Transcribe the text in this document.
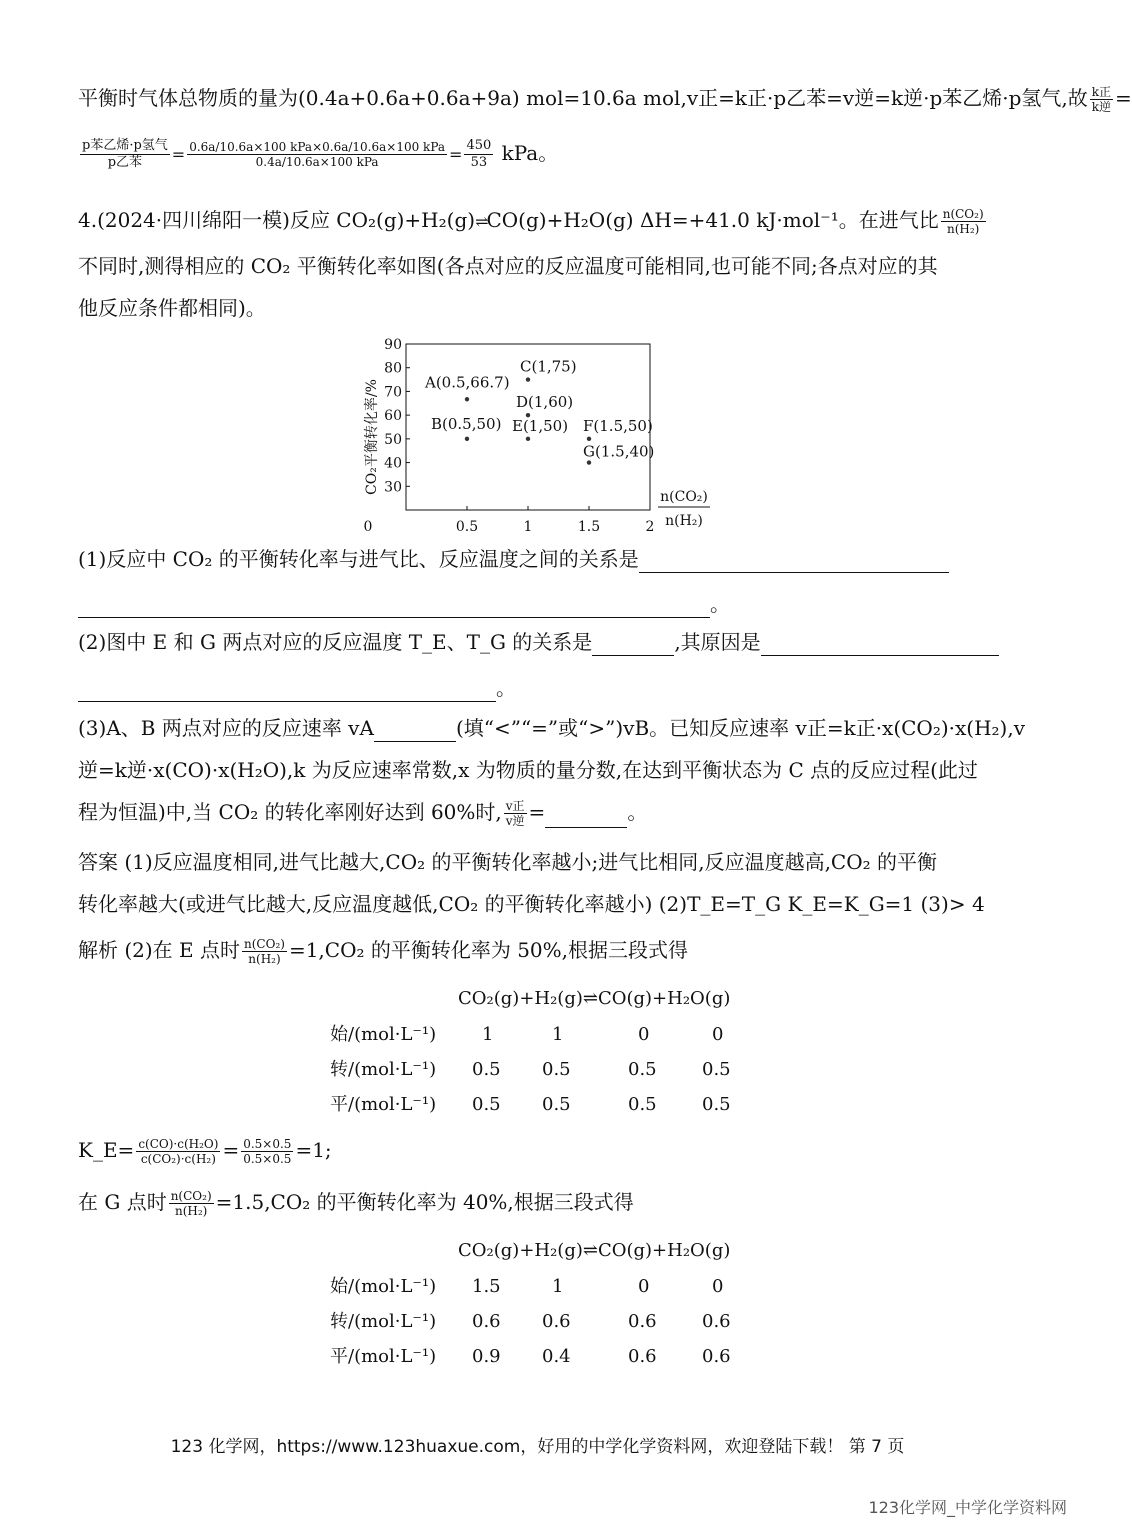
平衡时气体总物质的量为(0.4a+0.6a+0.6a+9a) mol=10.6a mol,v正=k正·p乙苯=v逆=k逆·p苯乙烯·p氢气,故 $\frac{\text{k正}}{\text{k逆}}$ =
$\frac{\text{p苯乙烯·p氢气}}{\text{p乙苯}} = \frac{\text{0.6a/10.6a×100 kPa×0.6a/10.6a×100 kPa}}{\text{0.4a/10.6a×100 kPa}} = \frac{450}{53}$ kPa。
4.(2024·四川绵阳一模)反应 CO₂(g)+H₂(g)⇌CO(g)+H₂O(g) ΔH=+41.0 kJ·mol⁻¹。在进气比 $\frac{\text{n(CO₂)}}{\text{n(H₂)}}$
不同时,测得相应的 CO₂ 平衡转化率如图(各点对应的反应温度可能相同,也可能不同;各点对应的其
他反应条件都相同)。
30
40
50
60
70
80
90
0	0.5	1	1.5	2
CO₂平衡转化率/%
n(CO₂)
n(H₂)
A(0.5,66.7)
B(0.5,50)
C(1,75)
D(1,60)
E(1,50) F(1.5,50)
G(1.5,40)
(1)反应中 CO₂ 的平衡转化率与进气比、反应温度之间的关系是
。
(2)图中 E 和 G 两点对应的反应温度 T_E、T_G 的关系是	,其原因是
。
(3)A、B 两点对应的反应速率 vA	(填“<”“=”或“>”)vB。已知反应速率 v正=k正·x(CO₂)·x(H₂),v
逆=k逆·x(CO)·x(H₂O),k 为反应速率常数,x 为物质的量分数,在达到平衡状态为 C 点的反应过程(此过
程为恒温)中,当 CO₂ 的转化率刚好达到 60%时, $\frac{\text{v正}}{\text{v逆}}$ =	。
答案 (1)反应温度相同,进气比越大,CO₂ 的平衡转化率越小;进气比相同,反应温度越高,CO₂ 的平衡
转化率越大(或进气比越大,反应温度越低,CO₂ 的平衡转化率越小) (2)T_E=T_G K_E=K_G=1 (3)> 4
解析 (2)在 E 点时 $\frac{\text{n(CO₂)}}{\text{n(H₂)}} =1,CO_2$ 的平衡转化率为 50%,根据三段式得
CO₂(g)+H₂(g)⇌CO(g)+H₂O(g)
始/(mol·L⁻¹)	1	1	0	0
转/(mol·L⁻¹) 0.5 0.5	0.5	0.5
平/(mol·L⁻¹) 0.5 0.5	0.5	0.5
K_E= $\frac{\text{c(CO)·c(H₂O)}}{\text{c(CO₂)·c(H₂)}} = \frac{0.5\times 0.5}{0.5\times 0.5} =1$;
在 G 点时 $\frac{\text{n(CO₂)}}{\text{n(H₂)}} =1.5,CO_2$ 的平衡转化率为 40%,根据三段式得
CO₂(g)+H₂(g)⇌CO(g)+H₂O(g)
始/(mol·L⁻¹) 1.5	1	0	0
转/(mol·L⁻¹) 0.6 0.6	0.6	0.6
平/(mol·L⁻¹) 0.9 0.4	0.6	0.6
123 化学网，https://www.123huaxue.com，好用的中学化学资料网，欢迎登陆下载！ 第 7 页
123化学网_中学化学资料网
